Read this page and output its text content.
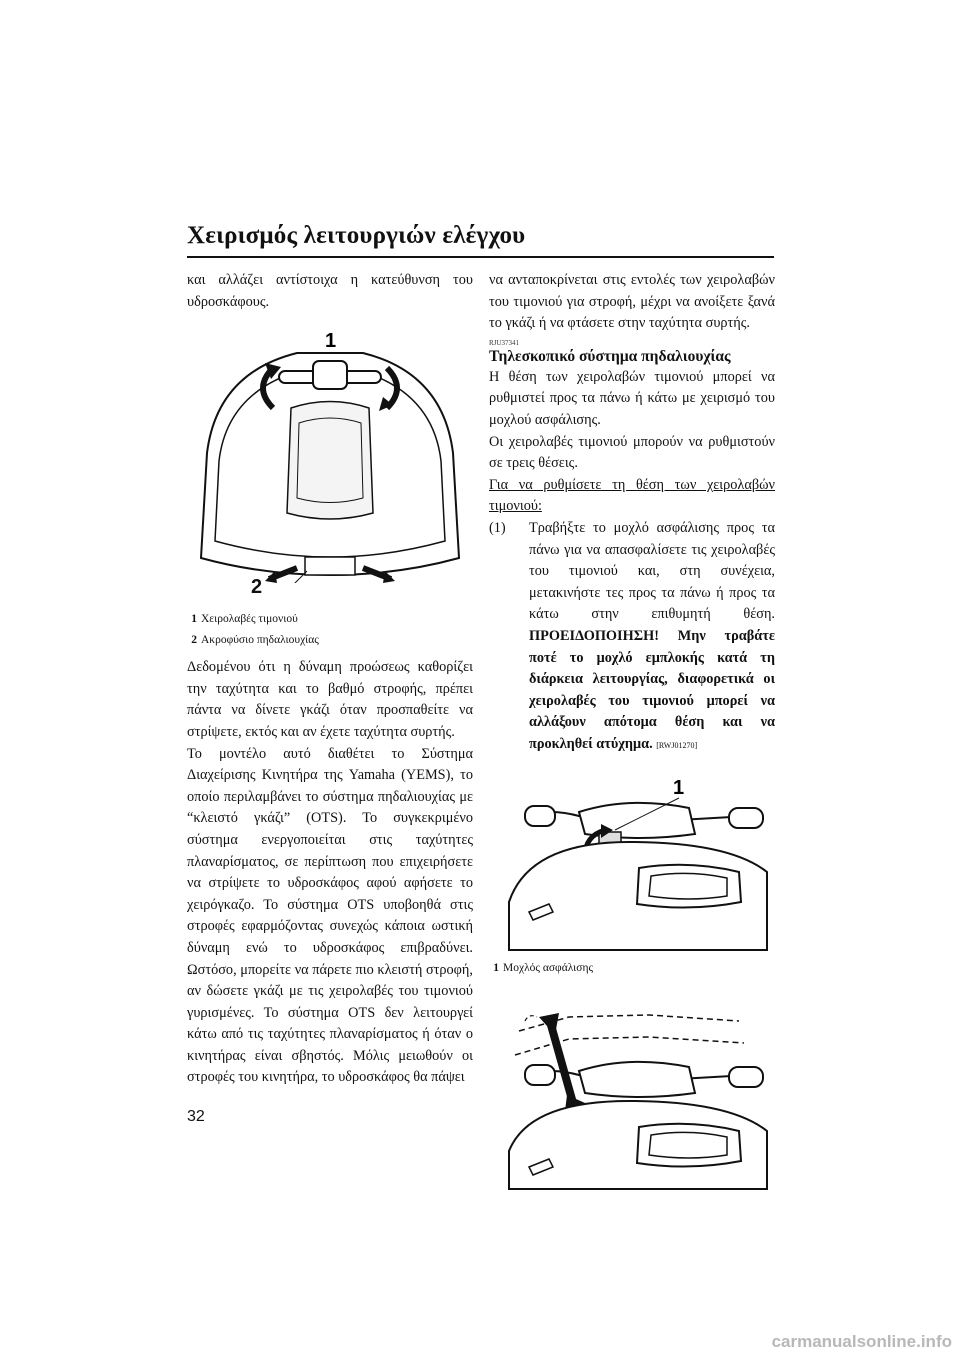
Χειρισμός λειτουργιών ελέγχου

και αλλάζει αντίστοιχα η κατεύθυνση του υδροσκάφους.

1
2
1 Χειρολαβές τιμονιού
2 Ακροφύσιο πηδαλιουχίας

Δεδομένου ότι η δύναμη προώσεως καθορίζει την ταχύτητα και το βαθμό στροφής, πρέπει πάντα να δίνετε γκάζι όταν προσπαθείτε να στρίψετε, εκτός και αν έχετε ταχύτητα συρτής.

Το μοντέλο αυτό διαθέτει το Σύστημα Διαχείρισης Κινητήρα της Yamaha (YEMS), το οποίο περιλαμβάνει το σύστημα πηδαλιουχίας με “κλειστό γκάζι” (OTS). Το συγκεκριμένο σύστημα ενεργοποιείται στις ταχύτητες πλαναρίσματος, σε περίπτωση που επιχειρήσετε να στρίψετε το υδροσκάφος αφού αφήσετε το χειρόγκαζο. Το σύστημα OTS υποβοηθά στις στροφές εφαρμόζοντας συνεχώς κάποια ωστική δύναμη ενώ το υδροσκάφος επιβραδύνει. Ωστόσο, μπορείτε να πάρετε πιο κλειστή στροφή, αν δώσετε γκάζι με τις χειρολαβές του τιμονιού γυρισμένες. Το σύστημα OTS δεν λειτουργεί κάτω από τις ταχύτητες πλαναρίσματος ή όταν ο κινητήρας είναι σβηστός. Μόλις μειωθούν οι στροφές του κινητήρα, το υδροσκάφος θα πάψει

να ανταποκρίνεται στις εντολές των χειρολαβών του τιμονιού για στροφή, μέχρι να ανοίξετε ξανά το γκάζι ή να φτάσετε στην ταχύτητα συρτής.

RJU37341
Τηλεσκοπικό σύστημα πηδαλιουχίας

Η θέση των χειρολαβών τιμονιού μπορεί να ρυθμιστεί προς τα πάνω ή κάτω με χειρισμό του μοχλού ασφάλισης.

Οι χειρολαβές τιμονιού μπορούν να ρυθμιστούν σε τρεις θέσεις.

Για να ρυθμίσετε τη θέση των χειρολαβών τιμονιού:

(1)	Τραβήξτε το μοχλό ασφάλισης προς τα πάνω για να απασφαλίσετε τις χειρολαβές του τιμονιού και, στη συνέχεια, μετακινήστε τες προς τα πάνω ή προς τα κάτω στην επιθυμητή θέση. ΠΡΟΕΙΔΟΠΟΙΗΣΗ! Μην τραβάτε ποτέ το μοχλό εμπλοκής κατά τη διάρκεια λειτουργίας, διαφορετικά οι χειρολαβές του τιμονιού μπορεί να αλλάξουν απότομα θέση και να προκληθεί ατύχημα. [RWJ01270]

1
1 Μοχλός ασφάλισης
32
carmanualsonline.info
